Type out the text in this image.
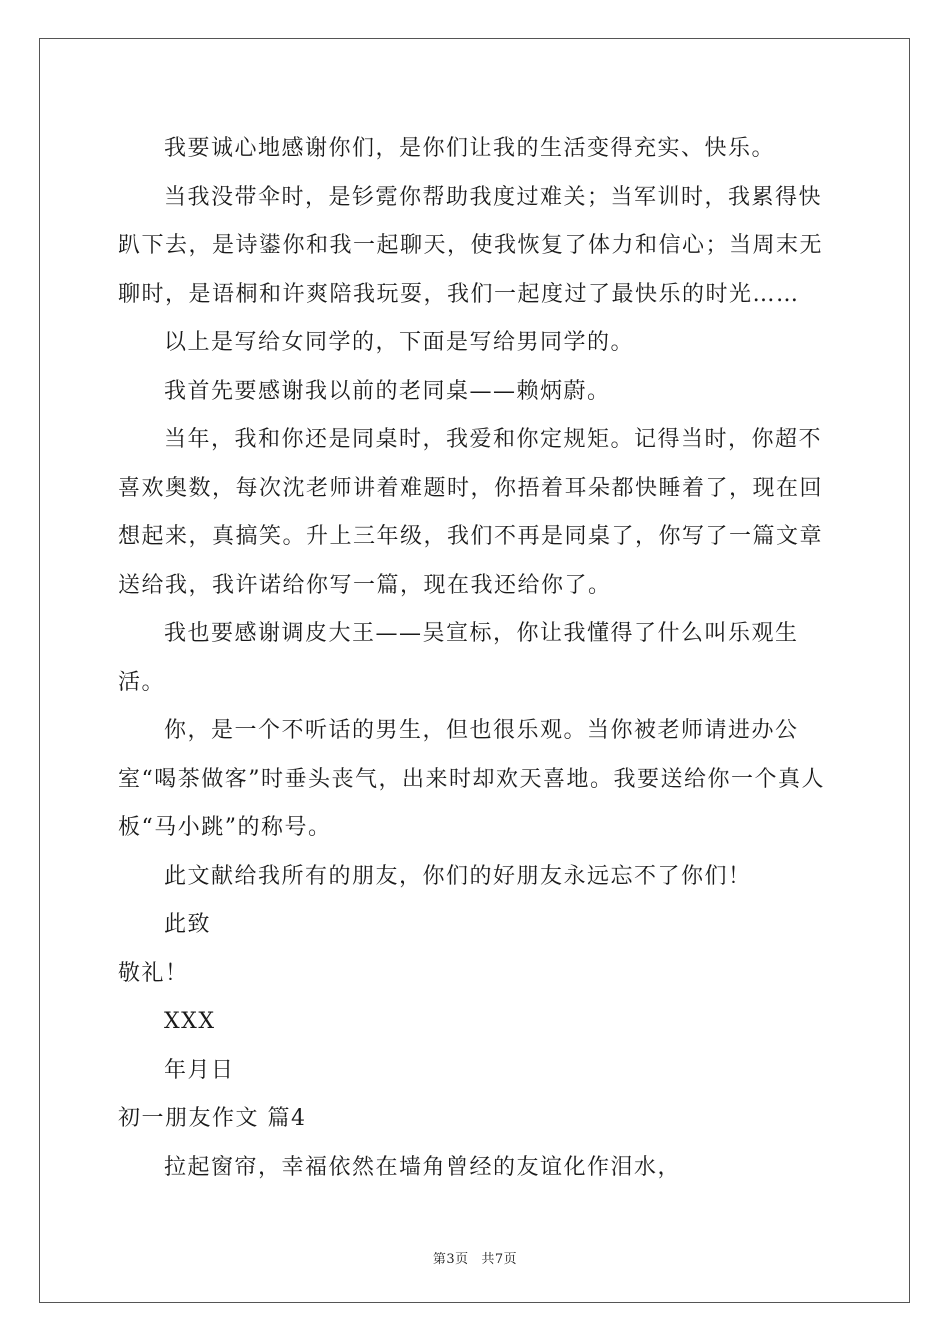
我要诚心地感谢你们，是你们让我的生活变得充实、快乐。

当我没带伞时，是钐霓你帮助我度过难关；当军训时，我累得快趴下去，是诗鍙你和我一起聊天，使我恢复了体力和信心；当周末无聊时，是语桐和许爽陪我玩耍，我们一起度过了最快乐的时光……

以上是写给女同学的，下面是写给男同学的。

我首先要感谢我以前的老同桌——赖炳蔚。

当年，我和你还是同桌时，我爱和你定规矩。记得当时，你超不喜欢奥数，每次沈老师讲着难题时，你捂着耳朵都快睡着了，现在回想起来，真搞笑。升上三年级，我们不再是同桌了，你写了一篇文章送给我，我许诺给你写一篇，现在我还给你了。

我也要感谢调皮大王——吴宣标，你让我懂得了什么叫乐观生活。

你，是一个不听话的男生，但也很乐观。当你被老师请进办公室“喝茶做客”时垂头丧气，出来时却欢天喜地。我要送给你一个真人板“马小跳”的称号。

此文献给我所有的朋友，你们的好朋友永远忘不了你们！

此致

敬礼！

XXX

年月日

初一朋友作文 篇4

拉起窗帘，幸福依然在墙角曾经的友谊化作泪水，

第3页 共7页
